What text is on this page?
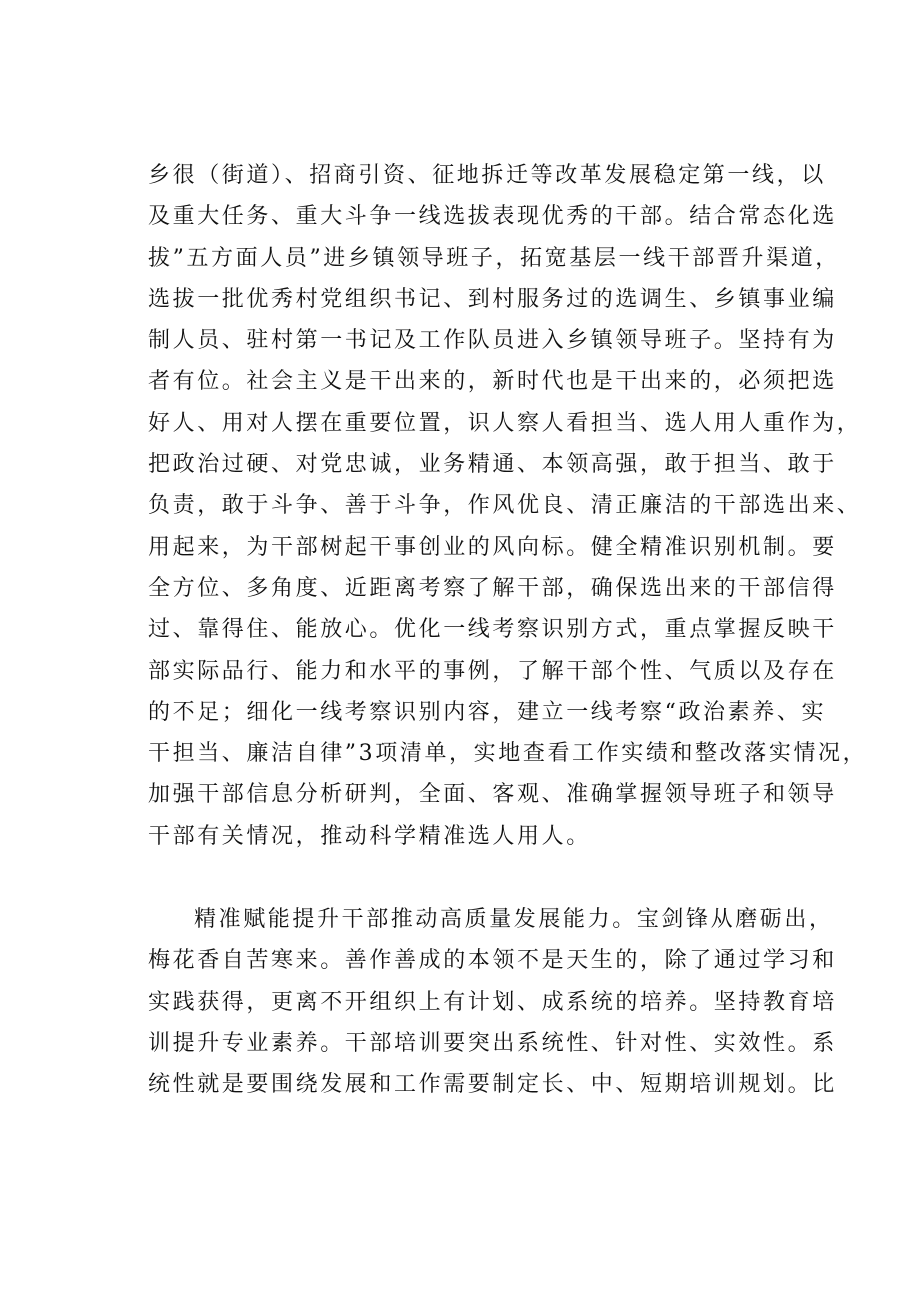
乡很（街道）、招商引资、征地拆迁等改革发展稳定第一线，以
及重大任务、重大斗争一线选拔表现优秀的干部。结合常态化选
拔”五方面人员”进乡镇领导班子，拓宽基层一线干部晋升渠道，
选拔一批优秀村党组织书记、到村服务过的选调生、乡镇事业编
制人员、驻村第一书记及工作队员进入乡镇领导班子。坚持有为
者有位。社会主义是干出来的，新时代也是干出来的，必须把选
好人、用对人摆在重要位置，识人察人看担当、选人用人重作为，
把政治过硬、对党忠诚，业务精通、本领高强，敢于担当、敢于
负责，敢于斗争、善于斗争，作风优良、清正廉洁的干部选出来、
用起来，为干部树起干事创业的风向标。健全精准识别机制。要
全方位、多角度、近距离考察了解干部，确保选出来的干部信得
过、靠得住、能放心。优化一线考察识别方式，重点掌握反映干
部实际品行、能力和水平的事例，了解干部个性、气质以及存在
的不足；细化一线考察识别内容，建立一线考察“政治素养、实
干担当、廉洁自律”3项清单，实地查看工作实绩和整改落实情况，
加强干部信息分析研判，全面、客观、准确掌握领导班子和领导
干部有关情况，推动科学精准选人用人。
精准赋能提升干部推动高质量发展能力。宝剑锋从磨砺出，
梅花香自苦寒来。善作善成的本领不是天生的，除了通过学习和
实践获得，更离不开组织上有计划、成系统的培养。坚持教育培
训提升专业素养。干部培训要突出系统性、针对性、实效性。系
统性就是要围绕发展和工作需要制定长、中、短期培训规划。比
